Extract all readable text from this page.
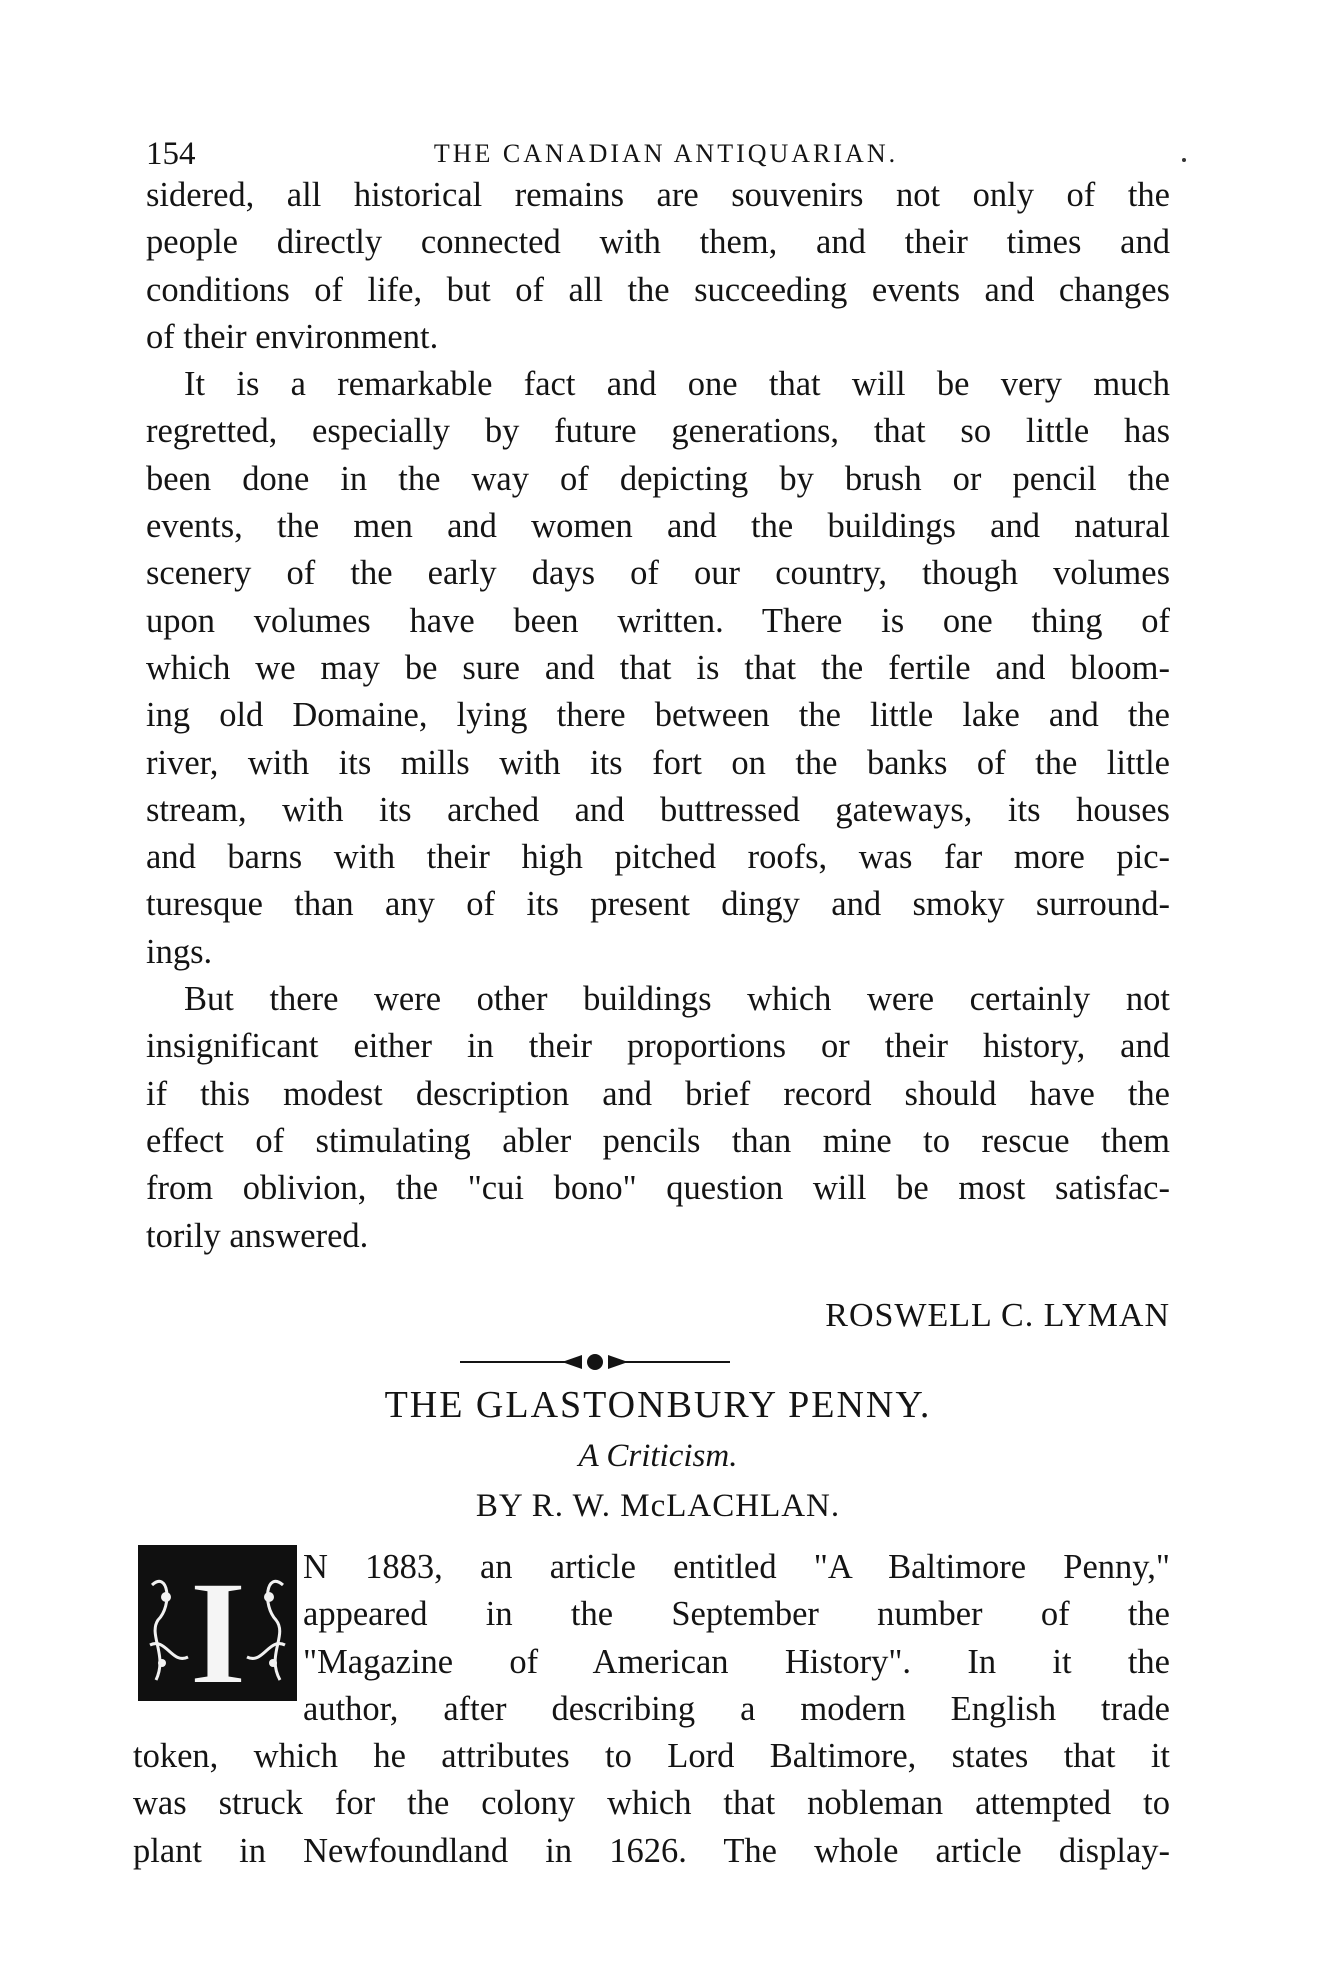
154	THE CANADIAN ANTIQUARIAN.
sidered, all historical remains are souvenirs not only of the
people directly connected with them, and their times and
conditions of life, but of all the succeeding events and changes
of their environment.
It is a remarkable fact and one that will be very much
regretted, especially by future generations, that so little has
been done in the way of depicting by brush or pencil the
events, the men and women and the buildings and natural
scenery of the early days of our country, though volumes
upon volumes have been written. There is one thing of
which we may be sure and that is that the fertile and bloom-
ing old Domaine, lying there between the little lake and the
river, with its mills with its fort on the banks of the little
stream, with its arched and buttressed gateways, its houses
and barns with their high pitched roofs, was far more pic-
turesque than any of its present dingy and smoky surround-
ings.
But there were other buildings which were certainly not
insignificant either in their proportions or their history, and
if this modest description and brief record should have the
effect of stimulating abler pencils than mine to rescue them
from oblivion, the "cui bono" question will be most satisfac-
torily answered.
ROSWELL C. LYMAN
THE GLASTONBURY PENNY.
A Criticism.
BY R. W. McLACHLAN.
I N 1883, an article entitled "A Baltimore Penny,"
appeared in the September number of the
"Magazine of American History". In it the
author, after describing a modern English trade
token, which he attributes to Lord Baltimore, states that it
was struck for the colony which that nobleman attempted to
plant in Newfoundland in 1626. The whole article display-
